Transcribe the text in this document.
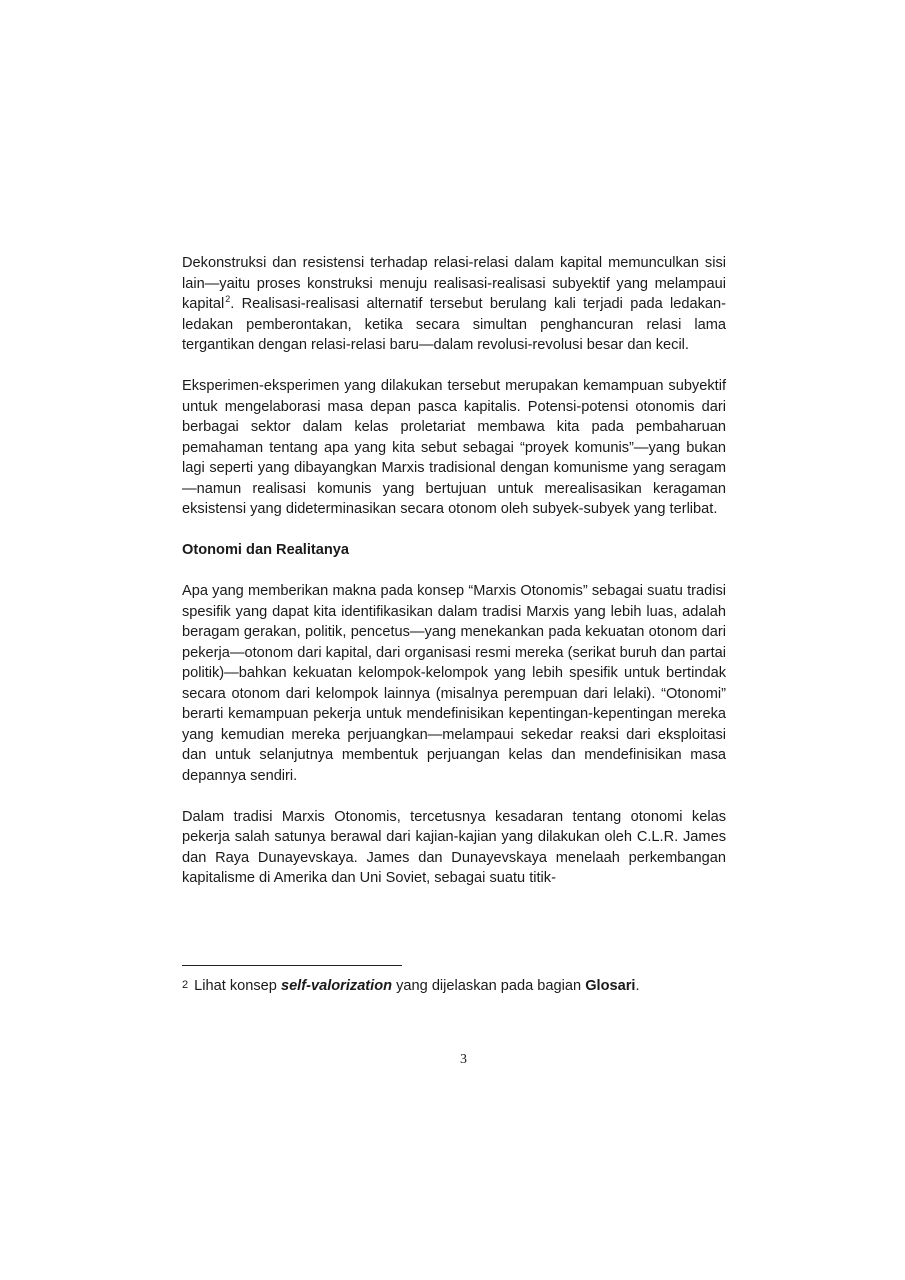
Dekonstruksi dan resistensi terhadap relasi-relasi dalam kapital memunculkan sisi lain—yaitu proses konstruksi menuju realisasi-realisasi subyektif yang melampaui kapital$^2$. Realisasi-realisasi alternatif tersebut berulang kali terjadi pada ledakan-ledakan pemberontakan, ketika secara simultan penghancuran relasi lama tergantikan dengan relasi-relasi baru—dalam revolusi-revolusi besar dan kecil.

Eksperimen-eksperimen yang dilakukan tersebut merupakan kemampuan subyektif untuk mengelaborasi masa depan pasca kapitalis. Potensi-potensi otonomis dari berbagai sektor dalam kelas proletariat membawa kita pada pembaharuan pemahaman tentang apa yang kita sebut sebagai “proyek komunis”—yang bukan lagi seperti yang dibayangkan Marxis tradisional dengan komunisme yang seragam—namun realisasi komunis yang bertujuan untuk merealisasikan keragaman eksistensi yang dideterminasikan secara otonom oleh subyek-subyek yang terlibat.

Otonomi dan Realitanya

Apa yang memberikan makna pada konsep “Marxis Otonomis” sebagai suatu tradisi spesifik yang dapat kita identifikasikan dalam tradisi Marxis yang lebih luas, adalah beragam gerakan, politik, pencetus—yang menekankan pada kekuatan otonom dari pekerja—otonom dari kapital, dari organisasi resmi mereka (serikat buruh dan partai politik)—bahkan kekuatan kelompok-kelompok yang lebih spesifik untuk bertindak secara otonom dari kelompok lainnya (misalnya perempuan dari lelaki). “Otonomi” berarti kemampuan pekerja untuk mendefinisikan kepentingan-kepentingan mereka yang kemudian mereka perjuangkan—melampaui sekedar reaksi dari eksploitasi dan untuk selanjutnya membentuk perjuangan kelas dan mendefinisikan masa depannya sendiri.

Dalam tradisi Marxis Otonomis, tercetusnya kesadaran tentang otonomi kelas pekerja salah satunya berawal dari kajian-kajian yang dilakukan oleh C.L.R. James dan Raya Dunayevskaya. James dan Dunayevskaya menelaah perkembangan kapitalisme di Amerika dan Uni Soviet, sebagai suatu titik-

$^2$ Lihat konsep self-valorization yang dijelaskan pada bagian Glosari.
3
